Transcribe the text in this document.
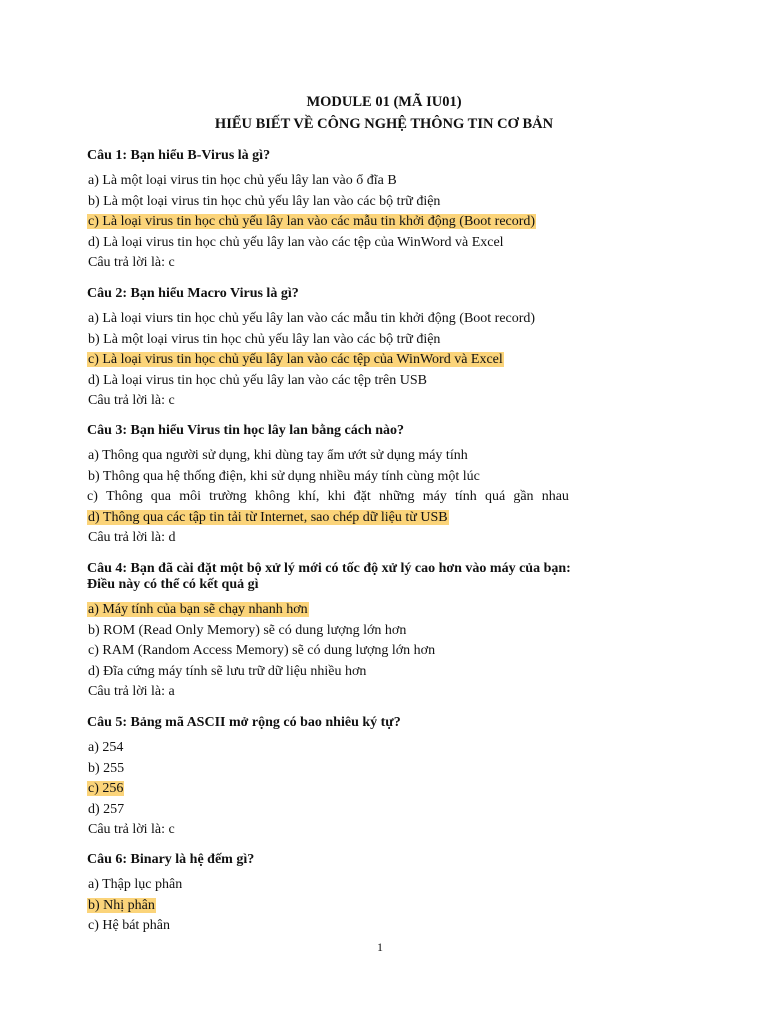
MODULE 01 (MÃ IU01)
HIỂU BIẾT VỀ CÔNG NGHỆ THÔNG TIN CƠ BẢN
Câu 1: Bạn hiểu B-Virus là gì?
a) Là một loại virus tin học chủ yếu lây lan vào ổ đĩa B
b) Là một loại virus tin học chủ yếu lây lan vào các bộ trữ điện
c) Là loại virus tin học chủ yếu lây lan vào các mẫu tin khởi động (Boot record)
d) Là loại virus tin học chủ yếu lây lan vào các tệp của WinWord và Excel
Câu trả lời là: c
Câu 2: Bạn hiểu Macro Virus là gì?
a) Là loại viurs tin học chủ yếu lây lan vào các mẫu tin khởi động (Boot record)
b) Là một loại virus tin học chủ yếu lây lan vào các bộ trữ điện
c) Là loại virus tin học chủ yếu lây lan vào các tệp của WinWord và Excel
d) Là loại virus tin học chủ yếu lây lan vào các tệp trên USB
Câu trả lời là: c
Câu 3: Bạn hiểu Virus tin học lây lan bằng cách nào?
a) Thông qua người sử dụng, khi dùng tay ẩm ướt sử dụng máy tính
b) Thông qua hệ thống điện, khi sử dụng nhiều máy tính cùng một lúc
c) Thông qua môi trường không khí, khi đặt những máy tính quá gần nhau
d) Thông qua các tập tin tải từ Internet, sao chép dữ liệu từ USB
Câu trả lời là: d
Câu 4: Bạn đã cài đặt một bộ xử lý mới có tốc độ xử lý cao hơn vào máy của bạn:
Điều này có thể có kết quả gì
a) Máy tính của bạn sẽ chạy nhanh hơn
b) ROM (Read Only Memory) sẽ có dung lượng lớn hơn
c) RAM (Random Access Memory) sẽ có dung lượng lớn hơn
d) Đĩa cứng máy tính sẽ lưu trữ dữ liệu nhiều hơn
Câu trả lời là: a
Câu 5: Bảng mã ASCII mở rộng có bao nhiêu ký tự?
a) 254
b) 255
c) 256
d) 257
Câu trả lời là: c
Câu 6: Binary là hệ đếm gì?
a) Thập lục phân
b) Nhị phân
c) Hệ bát phân
1
